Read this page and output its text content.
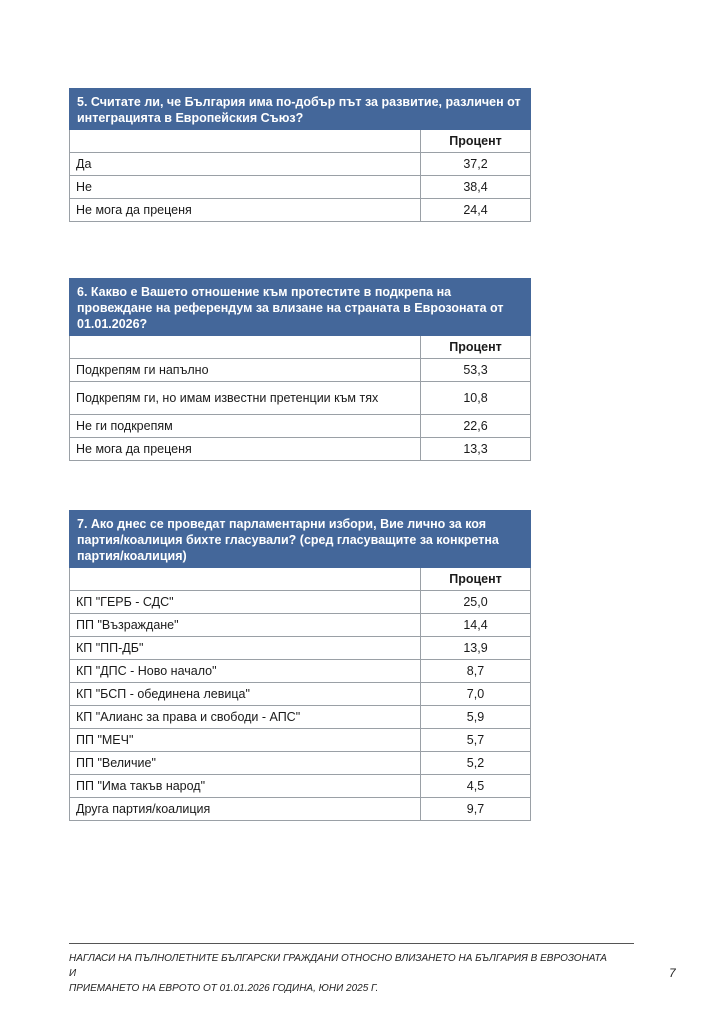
5. Считате ли, че България има по-добър път за развитие, различен от интеграцията в Европейския Съюз?	
	Процент
Да	37,2
Не	38,4
Не мога да преценя	24,4
6. Какво е Вашето отношение към протестите в подкрепа на провеждане на референдум за влизане на страната в Еврозоната от 01.01.2026?	
	Процент
Подкрепям ги напълно	53,3
Подкрепям ги, но имам известни претенции към тях	10,8
Не ги подкрепям	22,6
Не мога да преценя	13,3
7. Ако днес се проведат парламентарни избори, Вие лично за коя партия/коалиция бихте гласували? (сред гласуващите за конкретна партия/коалиция)	
	Процент
КП "ГЕРБ - СДС"	25,0
ПП "Възраждане"	14,4
КП "ПП-ДБ"	13,9
КП "ДПС - Ново начало"	8,7
КП "БСП - обединена левица"	7,0
КП "Алианс за права и свободи - АПС"	5,9
ПП "МЕЧ"	5,7
ПП "Величие"	5,2
ПП "Има такъв народ"	4,5
Друга партия/коалиция	9,7
НАГЛАСИ НА ПЪЛНОЛЕТНИТЕ БЪЛГАРСКИ ГРАЖДАНИ ОТНОСНО ВЛИЗАНЕТО НА БЪЛГАРИЯ В ЕВРОЗОНАТА И
ПРИЕМАНЕТО НА ЕВРОТО ОТ 01.01.2026 ГОДИНА, ЮНИ 2025 Г.
7
